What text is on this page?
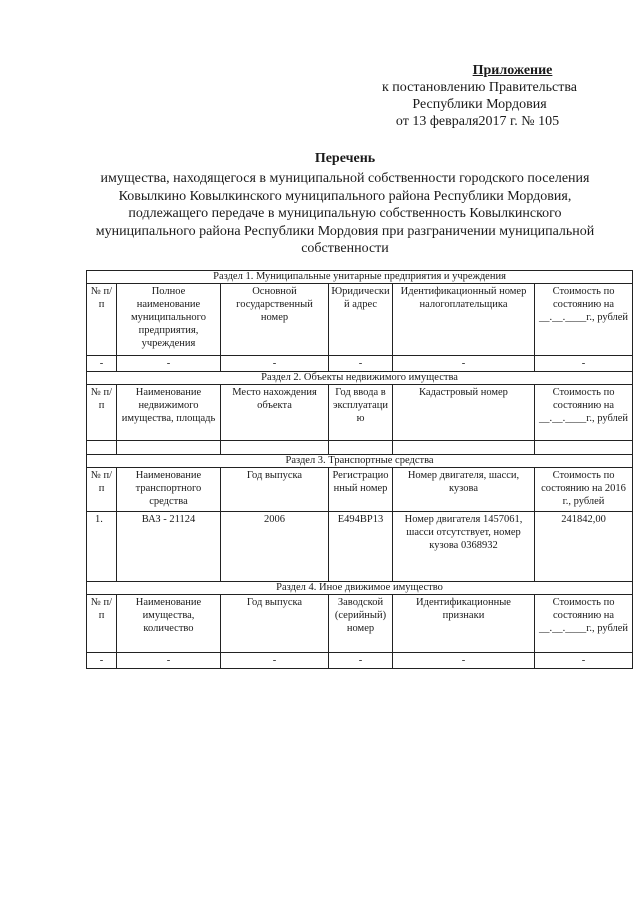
Приложение
к постановлению Правительства
Республики Мордовия
от 13 февраля2017 г. № 105
Перечень
имущества, находящегося в муниципальной собственности городского поселения Ковылкино Ковылкинского муниципального района Республики Мордовия, подлежащего передаче в муниципальную собственность Ковылкинского муниципального района Республики Мордовия при разграничении муниципальной собственности
Раздел 1. Муниципальные унитарные предприятия и учреждения					
№ п/п	Полное наименование муниципального предприятия, учреждения	Основной государственный номер	Юридический адрес	Идентификационный номер налогоплательщика	Стоимость по состоянию на __.__.____г., рублей
-	-	-	-	-	-
Раздел 2. Объекты недвижимого имущества					
№ п/п	Наименование недвижимого имущества, площадь	Место нахождения объекта	Год ввода в эксплуатацию	Кадастровый номер	Стоимость по состоянию на __.__.____г., рублей

Раздел 3. Транспортные средства					
№ п/п	Наименование транспортного средства	Год выпуска	Регистрационный номер	Номер двигателя, шасси, кузова	Стоимость по состоянию на 2016 г., рублей
1.	ВАЗ - 21124	2006	Е494ВР13	Номер двигателя 1457061, шасси отсутствует, номер кузова 0368932	241842,00
Раздел 4. Иное движимое имущество					
№ п/п	Наименование имущества, количество	Год выпуска	Заводской (серийный) номер	Идентификационные признаки	Стоимость по состоянию на __.__.____г., рублей
-	-	-	-	-	-
